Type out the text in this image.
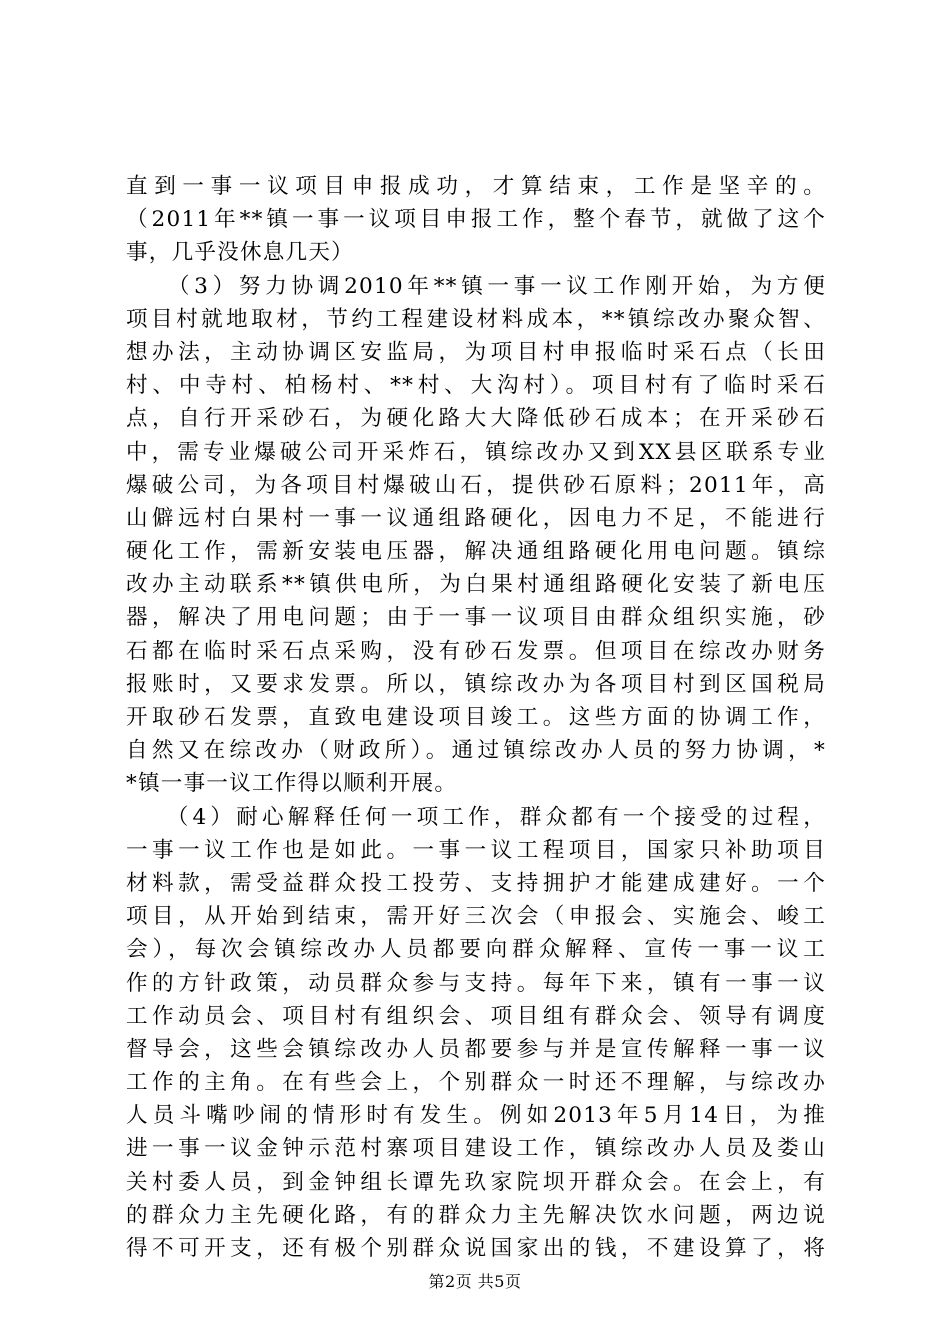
直到一事一议项目申报成功，才算结束，工作是坚辛的。
（2011年**镇一事一议项目申报工作，整个春节，就做了这个
事，几乎没休息几天）
　　（3）努力协调2010年**镇一事一议工作刚开始，为方便
项目村就地取材，节约工程建设材料成本，**镇综改办聚众智、
想办法，主动协调区安监局，为项目村申报临时采石点（长田
村、中寺村、柏杨村、**村、大沟村）。项目村有了临时采石
点，自行开采砂石，为硬化路大大降低砂石成本；在开采砂石
中，需专业爆破公司开采炸石，镇综改办又到XX县区联系专业
爆破公司，为各项目村爆破山石，提供砂石原料；2011年，高
山僻远村白果村一事一议通组路硬化，因电力不足，不能进行
硬化工作，需新安装电压器，解决通组路硬化用电问题。镇综
改办主动联系**镇供电所，为白果村通组路硬化安装了新电压
器，解决了用电问题；由于一事一议项目由群众组织实施，砂
石都在临时采石点采购，没有砂石发票。但项目在综改办财务
报账时，又要求发票。所以，镇综改办为各项目村到区国税局
开取砂石发票，直致电建设项目竣工。这些方面的协调工作，
自然又在综改办（财政所）。通过镇综改办人员的努力协调，*
*镇一事一议工作得以顺利开展。
　　（4）耐心解释任何一项工作，群众都有一个接受的过程，
一事一议工作也是如此。一事一议工程项目，国家只补助项目
材料款，需受益群众投工投劳、支持拥护才能建成建好。一个
项目，从开始到结束，需开好三次会（申报会、实施会、峻工
会），每次会镇综改办人员都要向群众解释、宣传一事一议工
作的方针政策，动员群众参与支持。每年下来，镇有一事一议
工作动员会、项目村有组织会、项目组有群众会、领导有调度
督导会，这些会镇综改办人员都要参与并是宣传解释一事一议
工作的主角。在有些会上，个别群众一时还不理解，与综改办
人员斗嘴吵闹的情形时有发生。例如2013年5月14日，为推
进一事一议金钟示范村寨项目建设工作，镇综改办人员及娄山
关村委人员，到金钟组长谭先玖家院坝开群众会。在会上，有
的群众力主先硬化路，有的群众力主先解决饮水问题，两边说
得不可开支，还有极个别群众说国家出的钱，不建设算了，将
第2页 共5页
